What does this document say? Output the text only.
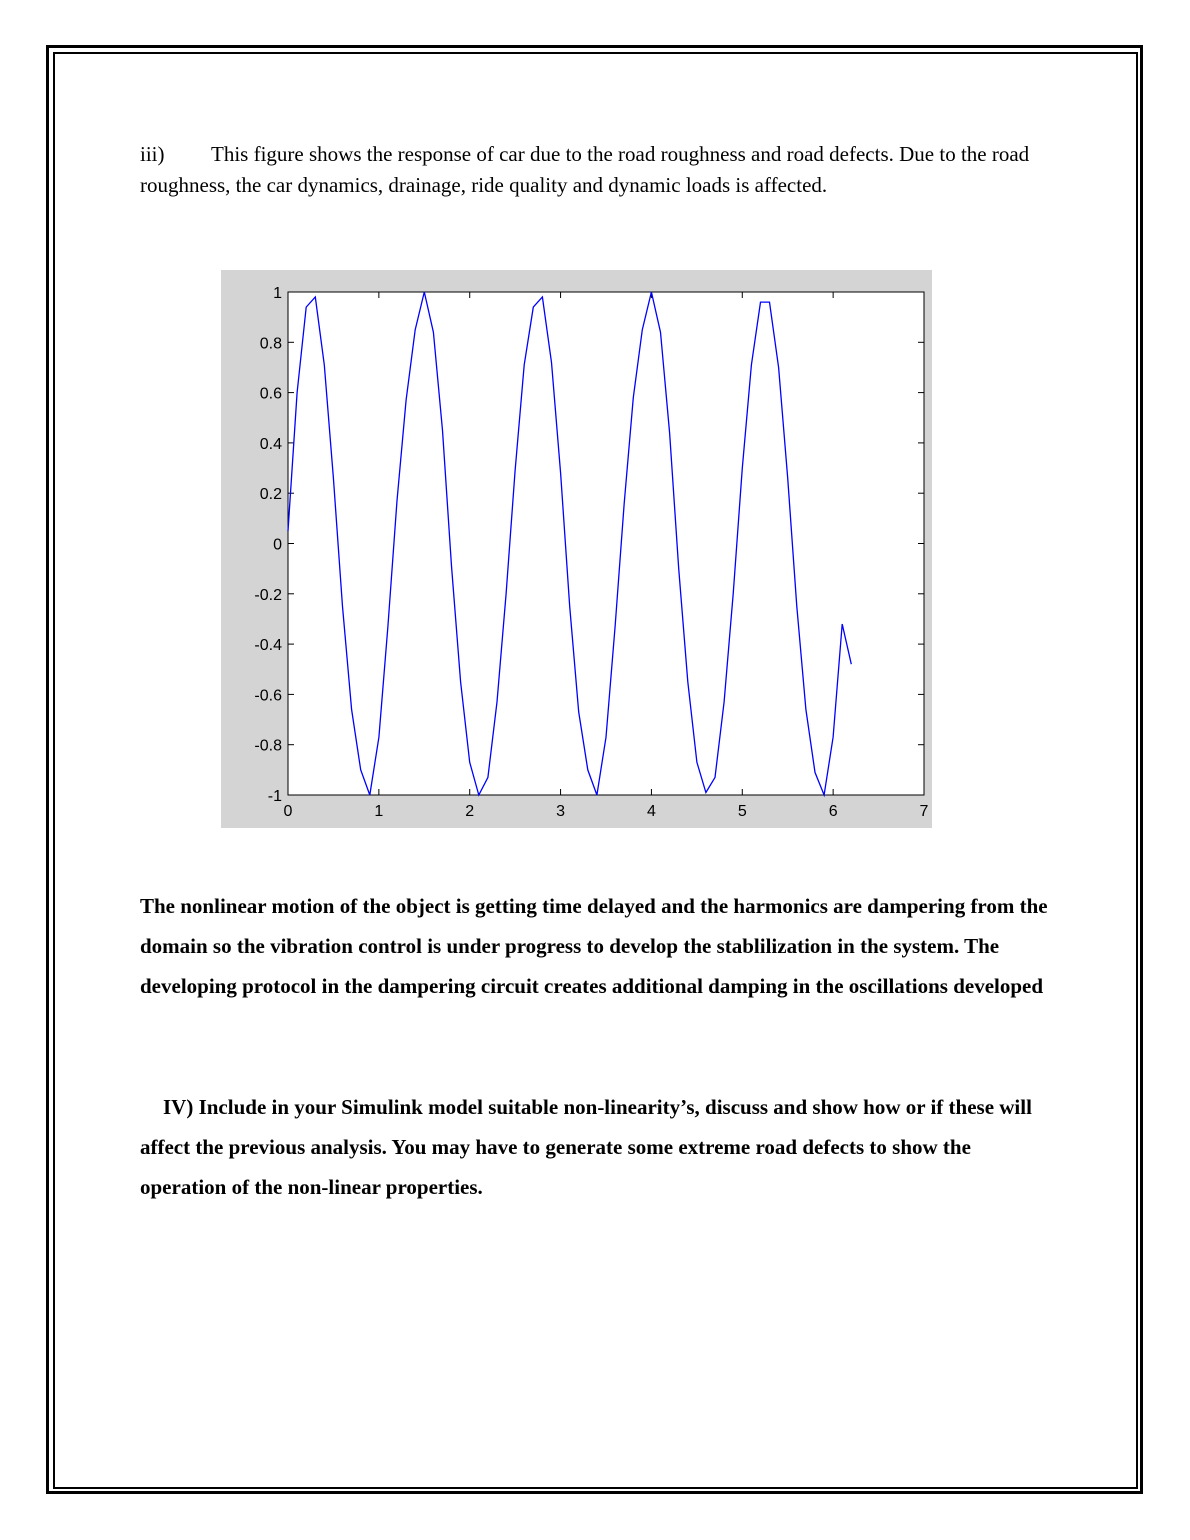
iii) This figure shows the response of car due to the road roughness and road defects. Due to the road roughness, the car dynamics, drainage, ride quality and dynamic loads is affected.
0	1	2	3	4	5	6	7
1
0.8
0.6
0.4
0.2
0
-0.2
-0.4
-0.6
-0.8
-1
The nonlinear motion of the object is getting time delayed and the harmonics are dampering from the domain so the vibration control is under progress to develop the stablilization in the system. The developing protocol in the dampering circuit creates additional damping in the oscillations developed
IV) Include in your Simulink model suitable non-linearity’s, discuss and show how or if these will affect the previous analysis. You may have to generate some extreme road defects to show the operation of the non-linear properties.
